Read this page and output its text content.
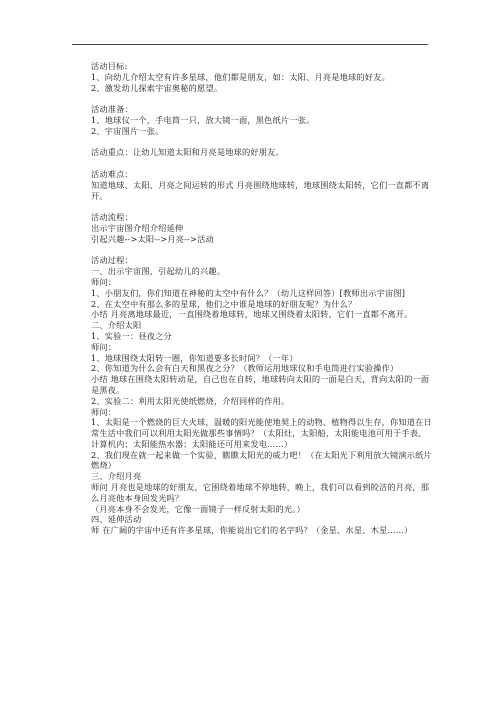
活动目标:

1、向幼儿介绍太空有许多星球，他们都是朋友，如：太阳、月亮是地球的好友。

2、激发幼儿探索宇宙奥秘的愿望。

活动准备：

1、地球仪一个，手电筒一只，放大镜一面，黑色纸片一张。

2、宇宙图片一张。

活动重点：让幼儿知道太阳和月亮是地球的好朋友。

活动难点：

知道地球、太阳、月亮之间运转的形式 月亮围绕地球转，地球围绕太阳转，它们一直都不离开。

活动流程：

出示宇宙图介绍介绍延伸

引起兴趣-->太阳-->月亮-->活动

活动过程：

一、出示宇宙图，引起幼儿的兴趣。

师问：

1、小朋友们，你们知道在神秘的太空中有什么？（幼儿这样回答）[教师出示宇宙图]

2、在太空中有那么多的星球，他们之中谁是地球的好朋友呢？为什么？

小结 月亮离地球最近，一直围绕着地球转，地球又围绕着太阳转，它们一直都不离开。

二、介绍太阳

1、实验一：昼夜之分

师问：

1、地球围绕太阳转一圈，你知道要多长时间？（一年）

2、你知道为什么会有白天和黑夜之分？（教师运用地球仪和手电筒进行实验操作）

小结 地球在围绕太阳转动是，自己也在自转，地球转向太阳的一面是白天，背向太阳的一面是黑夜。

2、实验二：利用太阳光使纸燃烧，介绍同样的作用。

师问：

1、太阳是一个燃烧的巨大火球，温暖的阳光能使地契上的动物、植物得以生存，你知道在日常生活中我们可以利用太阳光做那些事情吗？（太阳灶，太阳船，太阳能电池可用于手表、计算机内；太阳能热水器；太阳能还可用来发电……）

2、我们现在就一起来做一个实验，瞧瞧太阳光的威力吧！（在太阳光下利用放大镜演示纸片燃烧）

三、介绍月亮

师问 月亮也是地球的好朋友，它围绕着地球不停地转，晚上，我们可以看到皎洁的月亮，那么月亮他本身回发光吗？

（月亮本身不会发光，它像一面镜子一样反射太阳的光。）

四、延伸活动

师 在广阔的宇宙中还有许多星球，你能说出它们的名字吗？（金星、水星、木星……）
